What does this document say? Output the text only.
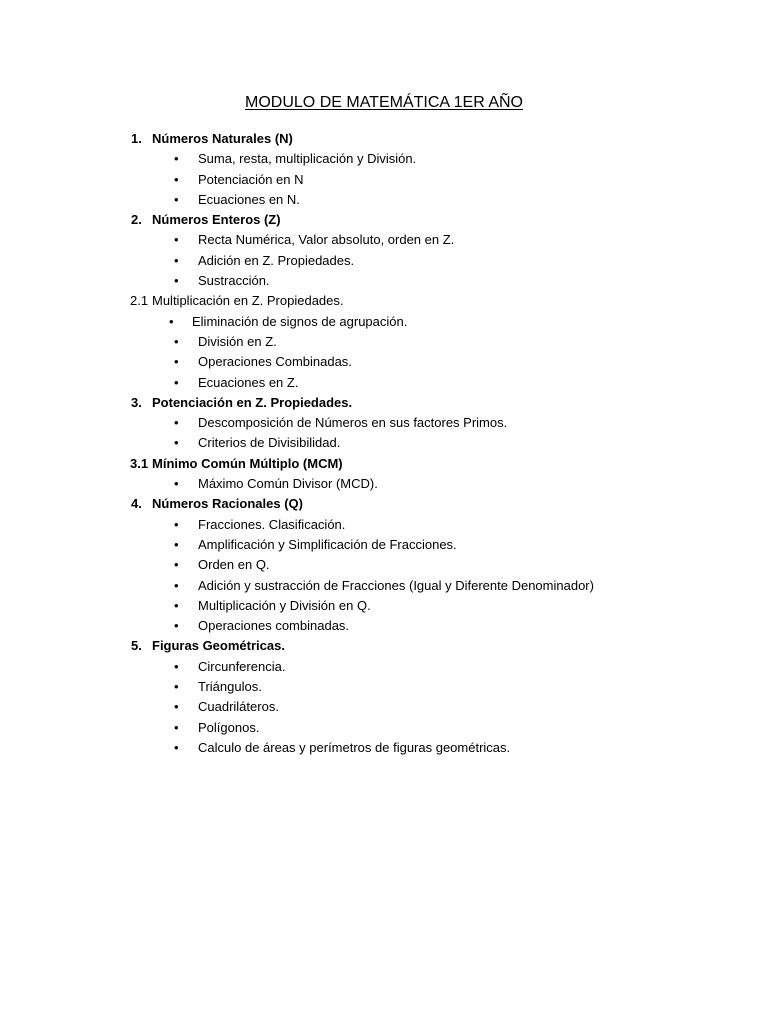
MODULO DE MATEMÁTICA 1ER AÑO
1. Números Naturales (N)
• Suma, resta, multiplicación y División.
• Potenciación en N
• Ecuaciones en N.
2. Números Enteros (Z)
• Recta Numérica, Valor absoluto, orden en Z.
• Adición en Z. Propiedades.
• Sustracción.
2.1 Multiplicación en Z. Propiedades.
• Eliminación de signos de agrupación.
• División en Z.
• Operaciones Combinadas.
• Ecuaciones en Z.
3. Potenciación en Z. Propiedades.
• Descomposición de Números en sus factores Primos.
• Criterios de Divisibilidad.
3.1 Mínimo Común Múltiplo (MCM)
• Máximo Común Divisor (MCD).
4. Números Racionales (Q)
• Fracciones. Clasificación.
• Amplificación y Simplificación de Fracciones.
• Orden en Q.
• Adición y sustracción de Fracciones (Igual y Diferente Denominador)
• Multiplicación y División en Q.
• Operaciones combinadas.
5. Figuras Geométricas.
• Circunferencia.
• Triángulos.
• Cuadriláteros.
• Polígonos.
• Calculo de áreas y perímetros de figuras geométricas.
